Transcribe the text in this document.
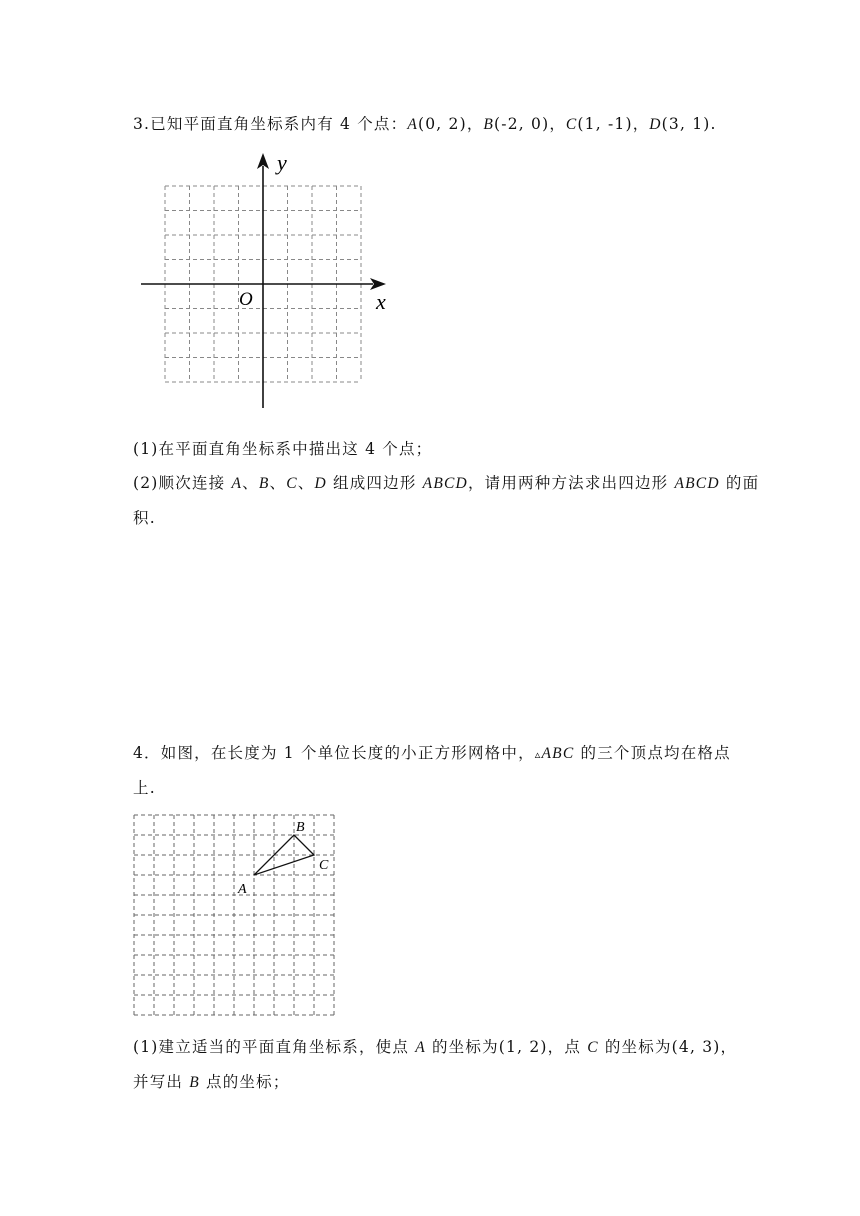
3.已知平面直角坐标系内有 4 个点：A(0, 2)，B(-2, 0)，C(1, -1)，D(3, 1).
y
x
O
(1)在平面直角坐标系中描出这 4 个点；
(2)顺次连接 A、B、C、D 组成四边形 ABCD，请用两种方法求出四边形 ABCD 的面
积.
4．如图，在长度为 1 个单位长度的小正方形网格中，▵ABC 的三个顶点均在格点
上.
A
B
C
(1)建立适当的平面直角坐标系，使点 A 的坐标为(1, 2)，点 C 的坐标为(4, 3)，
并写出 B 点的坐标；
